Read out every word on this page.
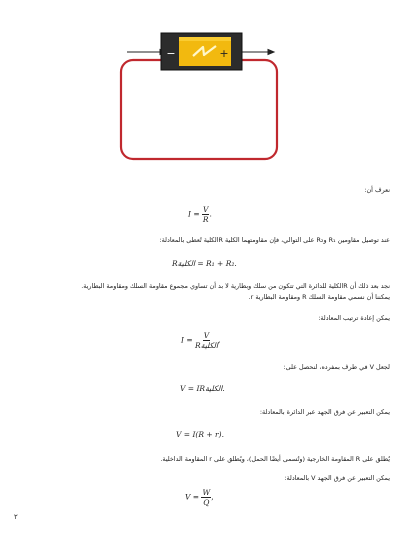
−	+
نعرف أن:
$I = \frac{V}{R}$ .
عند توصيل مقاومين R₁ وR₂ على التوالي، فإن مقاومتهما الكلية Rالكلية تُعطى بالمعادلة:
Rالكلية = R₁ + R₂.
نجد بعد ذلك أن Rالكلية للدائرة التي تتكون من سلك وبطارية لا بد أن تساوي مجموع مقاومة السلك ومقاومة البطارية.
يمكننا أن نسمي مقاومة السلك R ومقاومة البطارية r.
يمكن إعادة ترتيب المعادلة:
$I = \frac{V}{\text{Rالكلية}}$ ,
لجعل V في طرف بمفرده، لنحصل على:
V = IRالكلية.
يمكن التعبير عن فرق الجهد عبر الدائرة بالمعادلة:
V = I(R + r).
يُطلق على R المقاومة الخارجية (وتُسمى أيضًا الحمل)، ويُطلق على r المقاومة الداخلية.
يمكن التعبير عن فرق الجهد V بالمعادلة:
$V = \frac{W}{Q}$ ,
٢
